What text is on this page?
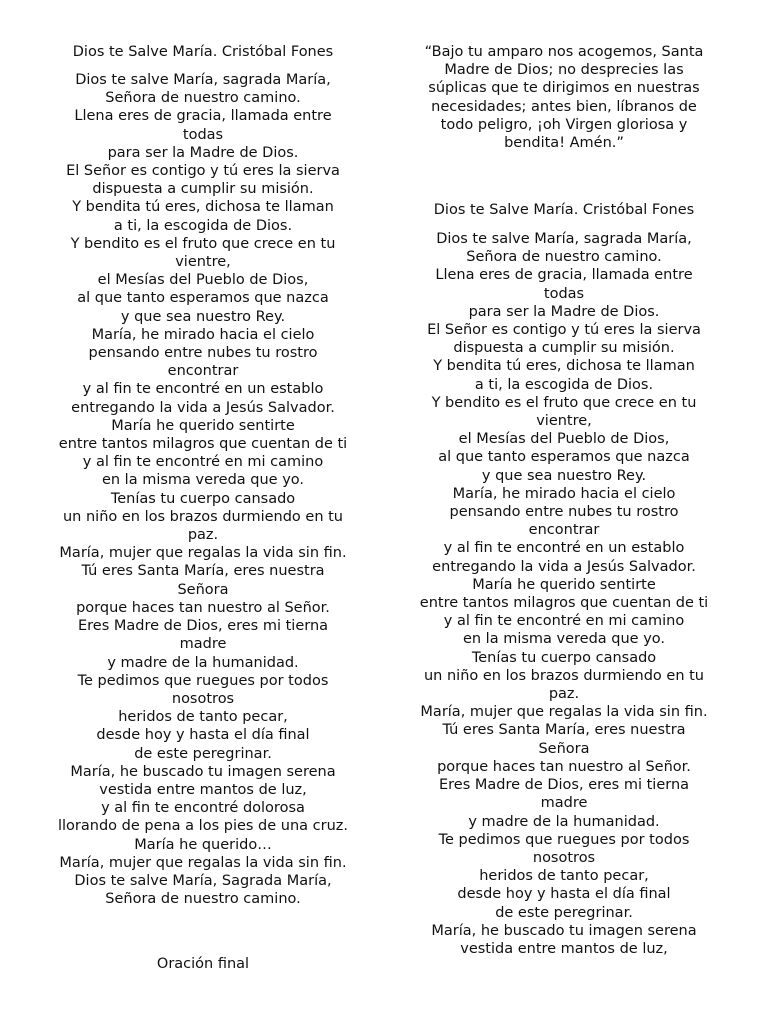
Dios te Salve María. Cristóbal Fones
Dios te salve María, sagrada María,
Señora de nuestro camino.
Llena eres de gracia, llamada entre
todas
para ser la Madre de Dios.
El Señor es contigo y tú eres la sierva
dispuesta a cumplir su misión.
Y bendita tú eres, dichosa te llaman
a ti, la escogida de Dios.
Y bendito es el fruto que crece en tu
vientre,
el Mesías del Pueblo de Dios,
al que tanto esperamos que nazca
y que sea nuestro Rey.
María, he mirado hacia el cielo
pensando entre nubes tu rostro
encontrar
y al fin te encontré en un establo
entregando la vida a Jesús Salvador.
María he querido sentirte
entre tantos milagros que cuentan de ti
y al fin te encontré en mi camino
en la misma vereda que yo.
Tenías tu cuerpo cansado
un niño en los brazos durmiendo en tu
paz.
María, mujer que regalas la vida sin fin.
Tú eres Santa María, eres nuestra
Señora
porque haces tan nuestro al Señor.
Eres Madre de Dios, eres mi tierna
madre
y madre de la humanidad.
Te pedimos que ruegues por todos
nosotros
heridos de tanto pecar,
desde hoy y hasta el día final
de este peregrinar.
María, he buscado tu imagen serena
vestida entre mantos de luz,
y al fin te encontré dolorosa
llorando de pena a los pies de una cruz.
María he querido…
María, mujer que regalas la vida sin fin.
Dios te salve María, Sagrada María,
Señora de nuestro camino.
Oración final
“Bajo tu amparo nos acogemos, Santa
Madre de Dios; no desprecies las
súplicas que te dirigimos en nuestras
necesidades; antes bien, líbranos de
todo peligro, ¡oh Virgen gloriosa y
bendita! Amén.”
Dios te Salve María. Cristóbal Fones
Dios te salve María, sagrada María,
Señora de nuestro camino.
Llena eres de gracia, llamada entre
todas
para ser la Madre de Dios.
El Señor es contigo y tú eres la sierva
dispuesta a cumplir su misión.
Y bendita tú eres, dichosa te llaman
a ti, la escogida de Dios.
Y bendito es el fruto que crece en tu
vientre,
el Mesías del Pueblo de Dios,
al que tanto esperamos que nazca
y que sea nuestro Rey.
María, he mirado hacia el cielo
pensando entre nubes tu rostro
encontrar
y al fin te encontré en un establo
entregando la vida a Jesús Salvador.
María he querido sentirte
entre tantos milagros que cuentan de ti
y al fin te encontré en mi camino
en la misma vereda que yo.
Tenías tu cuerpo cansado
un niño en los brazos durmiendo en tu
paz.
María, mujer que regalas la vida sin fin.
Tú eres Santa María, eres nuestra
Señora
porque haces tan nuestro al Señor.
Eres Madre de Dios, eres mi tierna
madre
y madre de la humanidad.
Te pedimos que ruegues por todos
nosotros
heridos de tanto pecar,
desde hoy y hasta el día final
de este peregrinar.
María, he buscado tu imagen serena
vestida entre mantos de luz,
